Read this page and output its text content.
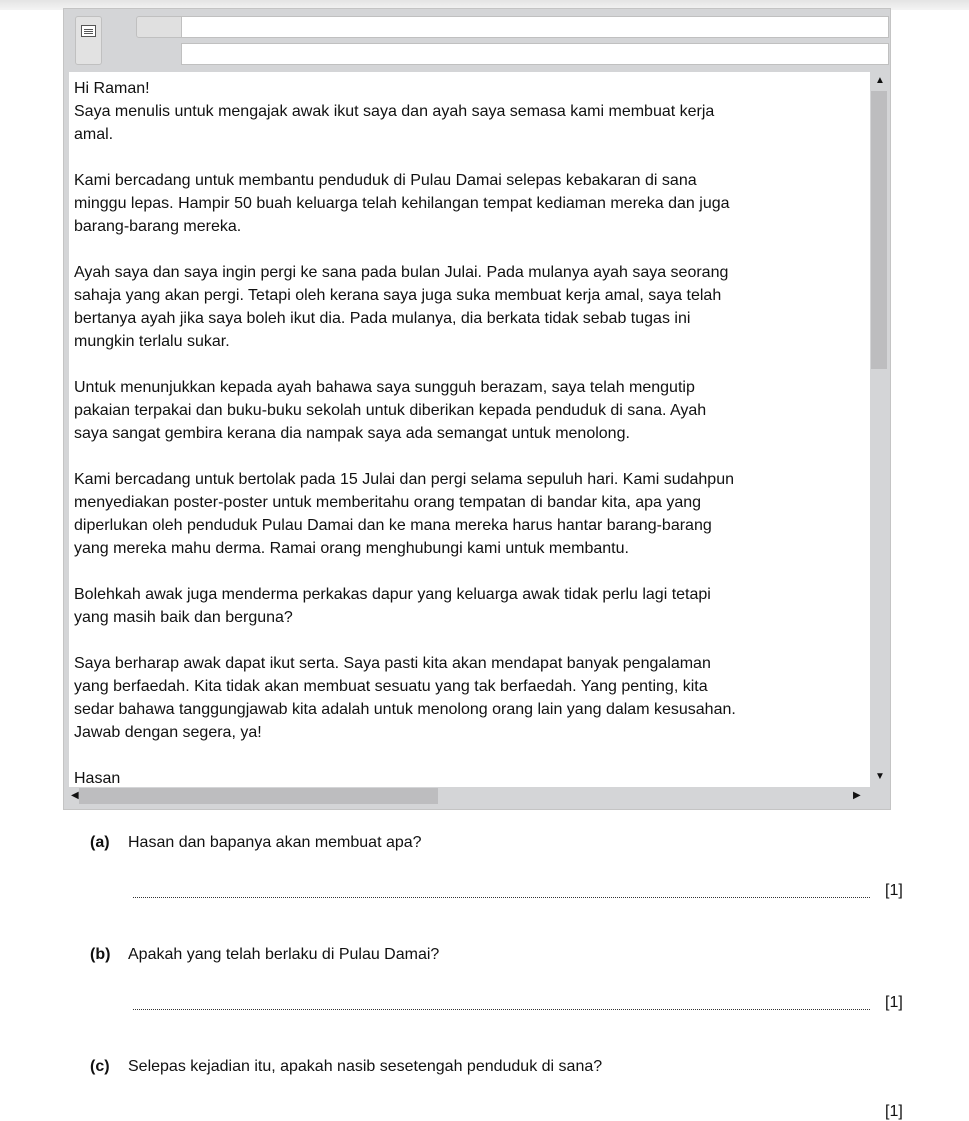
Hi Raman!
Saya menulis untuk mengajak awak ikut saya dan ayah saya semasa kami membuat kerja
amal.
Kami bercadang untuk membantu penduduk di Pulau Damai selepas kebakaran di sana
minggu lepas. Hampir 50 buah keluarga telah kehilangan tempat kediaman mereka dan juga
barang-barang mereka.
Ayah saya dan saya ingin pergi ke sana pada bulan Julai. Pada mulanya ayah saya seorang
sahaja yang akan pergi. Tetapi oleh kerana saya juga suka membuat kerja amal, saya telah
bertanya ayah jika saya boleh ikut dia. Pada mulanya, dia berkata tidak sebab tugas ini
mungkin terlalu sukar.
Untuk menunjukkan kepada ayah bahawa saya sungguh berazam, saya telah mengutip
pakaian terpakai dan buku-buku sekolah untuk diberikan kepada penduduk di sana. Ayah
saya sangat gembira kerana dia nampak saya ada semangat untuk menolong.
Kami bercadang untuk bertolak pada 15 Julai dan pergi selama sepuluh hari. Kami sudahpun
menyediakan poster-poster untuk memberitahu orang tempatan di bandar kita, apa yang
diperlukan oleh penduduk Pulau Damai dan ke mana mereka harus hantar barang-barang
yang mereka mahu derma. Ramai orang menghubungi kami untuk membantu.
Bolehkah awak juga menderma perkakas dapur yang keluarga awak tidak perlu lagi tetapi
yang masih baik dan berguna?
Saya berharap awak dapat ikut serta. Saya pasti kita akan mendapat banyak pengalaman
yang berfaedah. Kita tidak akan membuat sesuatu yang tak berfaedah. Yang penting, kita
sedar bahawa tanggungjawab kita adalah untuk menolong orang lain yang dalam kesusahan.
Jawab dengan segera, ya!
Hasan
▲
▼
◀	▶
(a) Hasan dan bapanya akan membuat apa?
[1]
(b) Apakah yang telah berlaku di Pulau Damai?
[1]
(c) Selepas kejadian itu, apakah nasib sesetengah penduduk di sana?
[1]
